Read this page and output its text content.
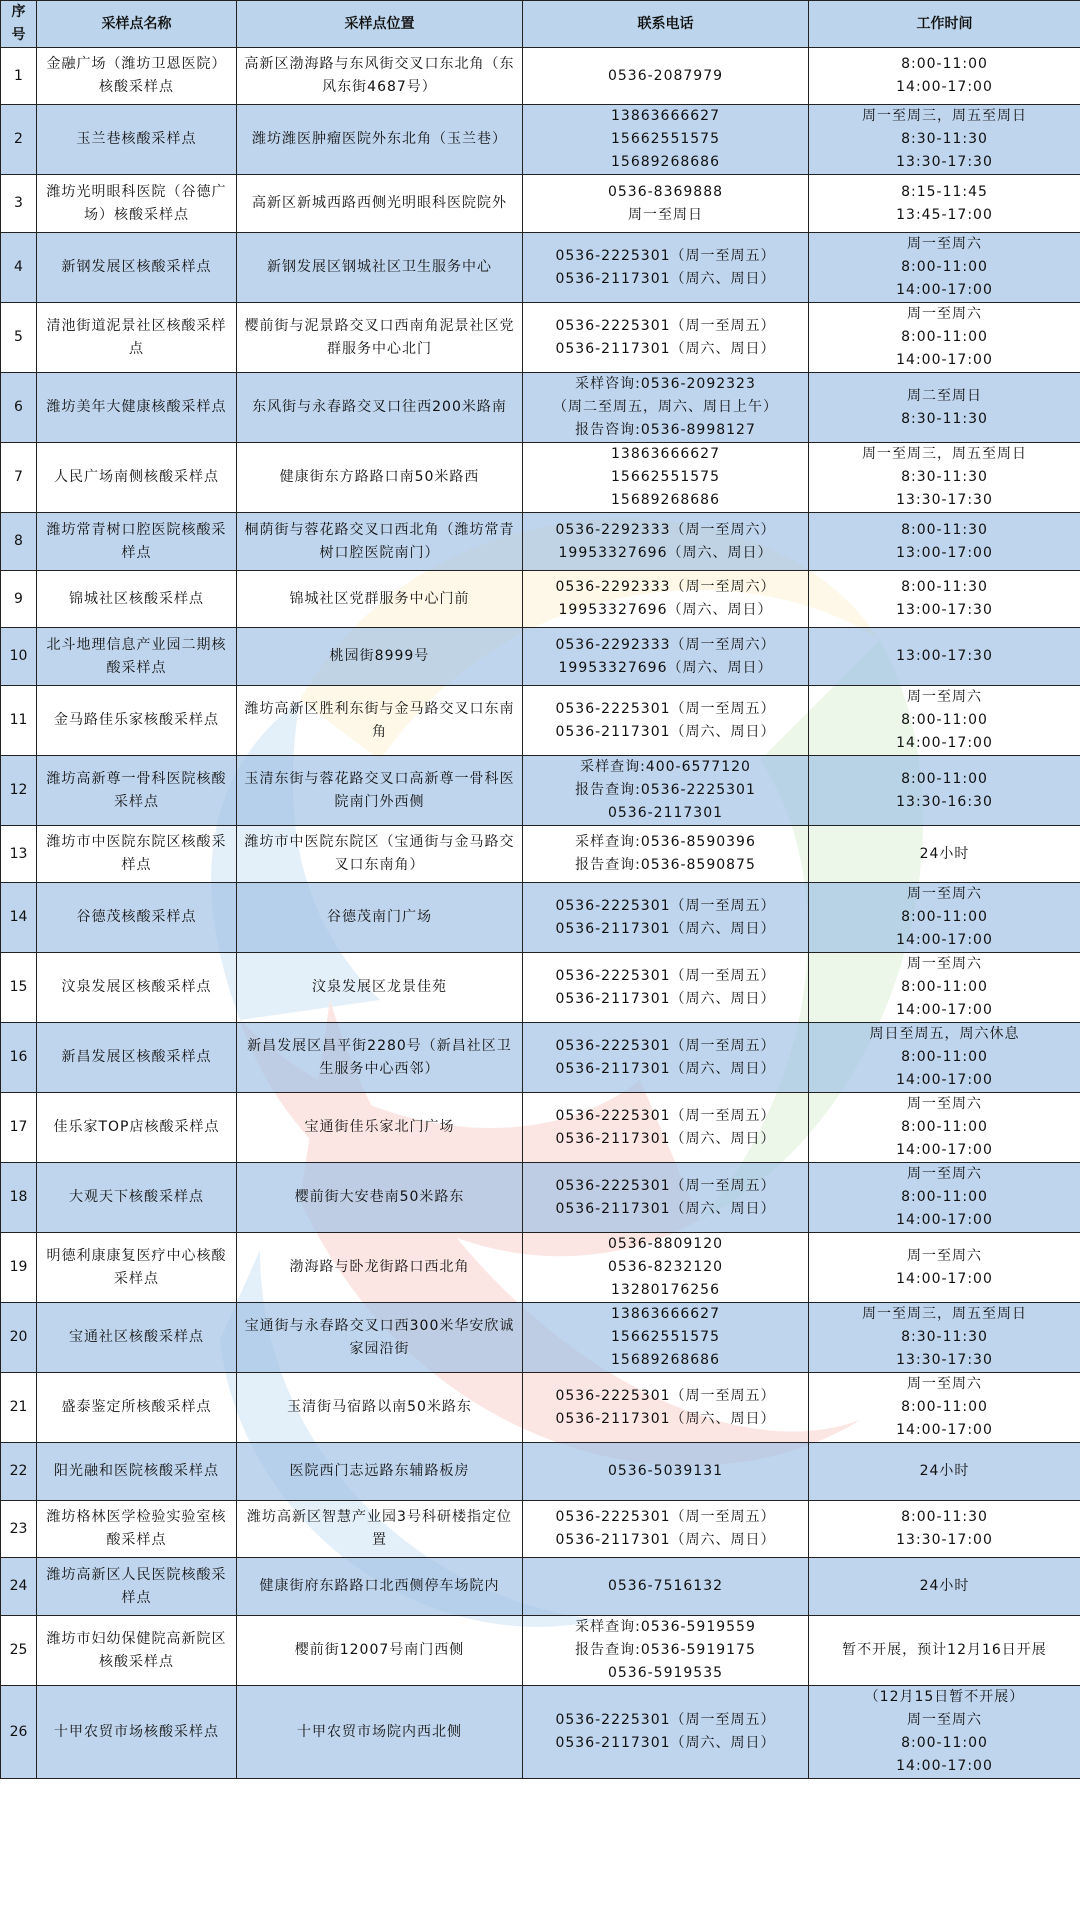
序号	采样点名称	采样点位置	联系电话	工作时间
1	金融广场（潍坊卫恩医院）核酸采样点	高新区渤海路与东风街交叉口东北角（东风东街4687号）	0536-2087979	8:00-11:00
14:00-17:00

2	玉兰巷核酸采样点	潍坊潍医肿瘤医院外东北角（玉兰巷）	13863666627
15662551575
15689268686	周一至周三，周五至周日
8:30-11:30
13:30-17:30

3	潍坊光明眼科医院（谷德广场）核酸采样点	高新区新城西路西侧光明眼科医院院外	0536-8369888
周一至周日	8:15-11:45
13:45-17:00

4	新钢发展区核酸采样点	新钢发展区钢城社区卫生服务中心	0536-2225301（周一至周五）
0536-2117301（周六、周日）	周一至周六
8:00-11:00
14:00-17:00

5	清池街道泥景社区核酸采样点	樱前街与泥景路交叉口西南角泥景社区党群服务中心北门	0536-2225301（周一至周五）
0536-2117301（周六、周日）	周一至周六
8:00-11:00
14:00-17:00

6	潍坊美年大健康核酸采样点	东风街与永春路交叉口往西200米路南	采样咨询:0536-2092323
（周二至周五，周六、周日上午）
报告咨询:0536-8998127	周二至周日
8:30-11:30

7	人民广场南侧核酸采样点	健康街东方路路口南50米路西	13863666627
15662551575
15689268686	周一至周三，周五至周日
8:30-11:30
13:30-17:30

8	潍坊常青树口腔医院核酸采样点	桐荫街与蓉花路交叉口西北角（潍坊常青树口腔医院南门）	0536-2292333（周一至周六）
19953327696（周六、周日）	8:00-11:30
13:00-17:00

9	锦城社区核酸采样点	锦城社区党群服务中心门前	0536-2292333（周一至周六）
19953327696（周六、周日）	8:00-11:30
13:00-17:30

10	北斗地理信息产业园二期核酸采样点	桃园街8999号	0536-2292333（周一至周六）
19953327696（周六、周日）	13:00-17:30

11	金马路佳乐家核酸采样点	潍坊高新区胜利东街与金马路交叉口东南角	0536-2225301（周一至周五）
0536-2117301（周六、周日）	周一至周六
8:00-11:00
14:00-17:00

12	潍坊高新尊一骨科医院核酸采样点	玉清东街与蓉花路交叉口高新尊一骨科医院南门外西侧	采样查询:400-6577120
报告查询:0536-2225301
0536-2117301	8:00-11:00
13:30-16:30

13	潍坊市中医院东院区核酸采样点	潍坊市中医院东院区（宝通街与金马路交叉口东南角）	采样查询:0536-8590396
报告查询:0536-8590875	24小时

14	谷德茂核酸采样点	谷德茂南门广场	0536-2225301（周一至周五）
0536-2117301（周六、周日）	周一至周六
8:00-11:00
14:00-17:00

15	汶泉发展区核酸采样点	汶泉发展区龙景佳苑	0536-2225301（周一至周五）
0536-2117301（周六、周日）	周一至周六
8:00-11:00
14:00-17:00

16	新昌发展区核酸采样点	新昌发展区昌平街2280号（新昌社区卫生服务中心西邻）	0536-2225301（周一至周五）
0536-2117301（周六、周日）	周日至周五，周六休息
8:00-11:00
14:00-17:00

17	佳乐家TOP店核酸采样点	宝通街佳乐家北门广场	0536-2225301（周一至周五）
0536-2117301（周六、周日）	周一至周六
8:00-11:00
14:00-17:00

18	大观天下核酸采样点	樱前街大安巷南50米路东	0536-2225301（周一至周五）
0536-2117301（周六、周日）	周一至周六
8:00-11:00
14:00-17:00

19	明德利康康复医疗中心核酸采样点	渤海路与卧龙街路口西北角	0536-8809120
0536-8232120
13280176256	周一至周六
14:00-17:00

20	宝通社区核酸采样点	宝通街与永春路交叉口西300米华安欣诚家园沿街	13863666627
15662551575
15689268686	周一至周三，周五至周日
8:30-11:30
13:30-17:30

21	盛泰鉴定所核酸采样点	玉清街马宿路以南50米路东	0536-2225301（周一至周五）
0536-2117301（周六、周日）	周一至周六
8:00-11:00
14:00-17:00

22	阳光融和医院核酸采样点	医院西门志远路东辅路板房	0536-5039131	24小时

23	潍坊格林医学检验实验室核酸采样点	潍坊高新区智慧产业园3号科研楼指定位置	0536-2225301（周一至周五）
0536-2117301（周六、周日）	8:00-11:30
13:30-17:00

24	潍坊高新区人民医院核酸采样点	健康街府东路路口北西侧停车场院内	0536-7516132	24小时

25	潍坊市妇幼保健院高新院区核酸采样点	樱前街12007号南门西侧	采样查询:0536-5919559
报告查询:0536-5919175
0536-5919535	暂不开展，预计12月16日开展

26	十甲农贸市场核酸采样点	十甲农贸市场院内西北侧	0536-2225301（周一至周五）
0536-2117301（周六、周日）	（12月15日暂不开展）
周一至周六
8:00-11:00
14:00-17:00
